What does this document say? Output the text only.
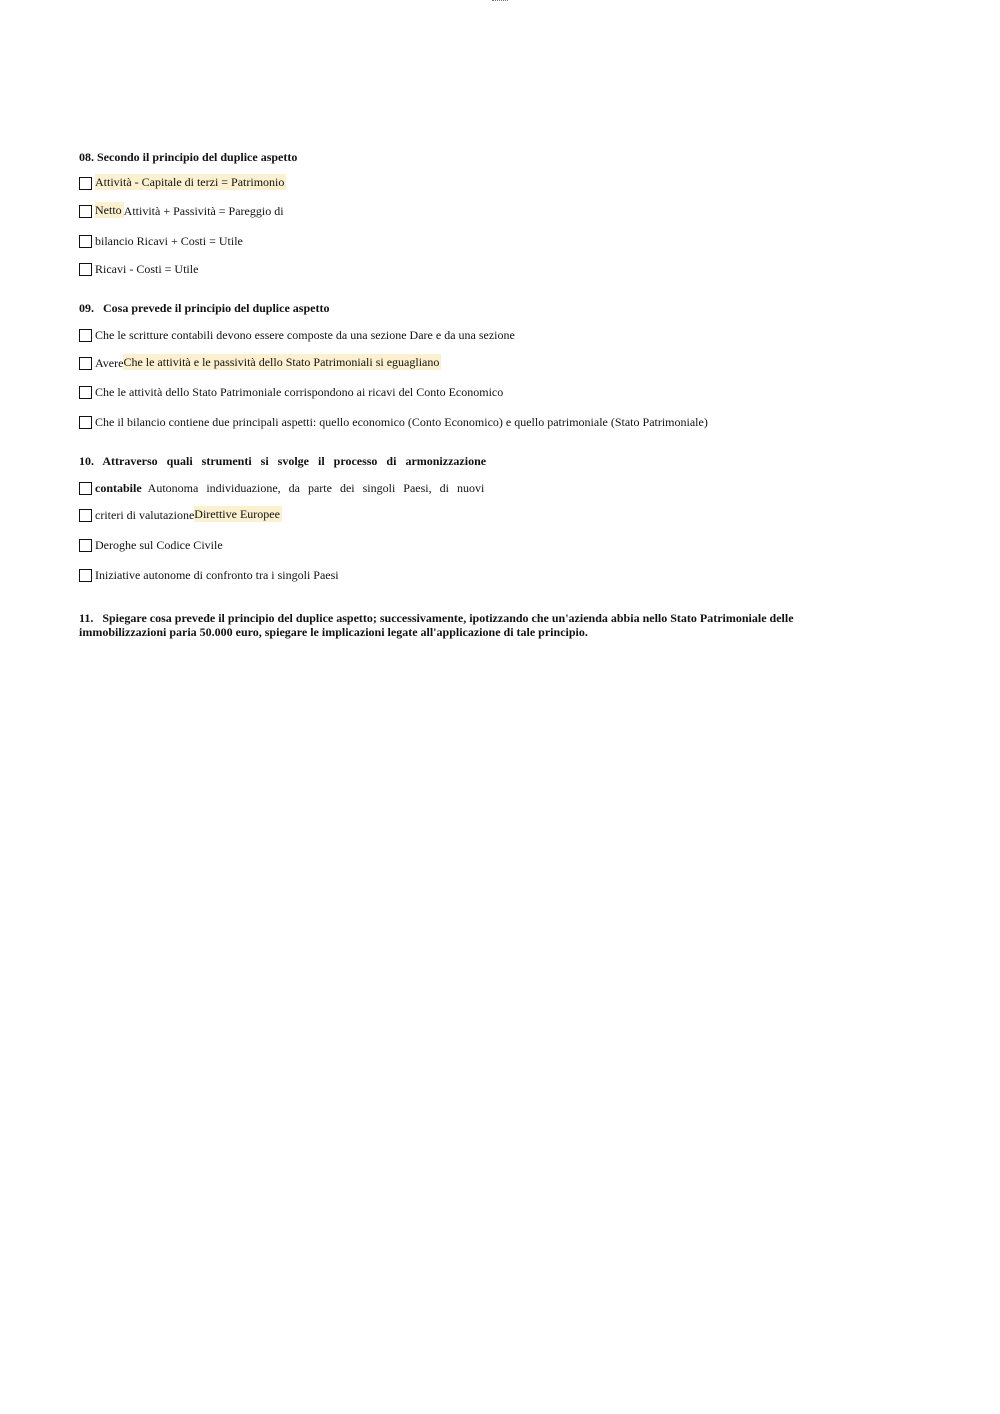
08. Secondo il principio del duplice aspetto
Attività - Capitale di terzi = Patrimonio
Netto Attività + Passività = Pareggio di
bilancio Ricavi + Costi = Utile
Ricavi - Costi = Utile
09.   Cosa prevede il principio del duplice aspetto
Che le scritture contabili devono essere composte da una sezione Dare e da una sezione
Avere Che le attività e le passività dello Stato Patrimoniali si eguagliano
Che le attività dello Stato Patrimoniale corrispondono ai ricavi del Conto Economico
Che il bilancio contiene due principali aspetti: quello economico (Conto Economico) e quello patrimoniale (Stato Patrimoniale)
10. Attraverso quali strumenti si svolge il processo di armonizzazione
contabile
Autonoma individuazione, da parte dei singoli Paesi, di nuovi
criteri di valutazione Direttive Europee
Deroghe sul Codice Civile
Iniziative autonome di confronto tra i singoli Paesi
11.   Spiegare cosa prevede il principio del duplice aspetto; successivamente, ipotizzando che un'azienda abbia nello Stato Patrimoniale delle immobilizzazioni paria 50.000 euro, spiegare le implicazioni legate all'applicazione di tale principio.
